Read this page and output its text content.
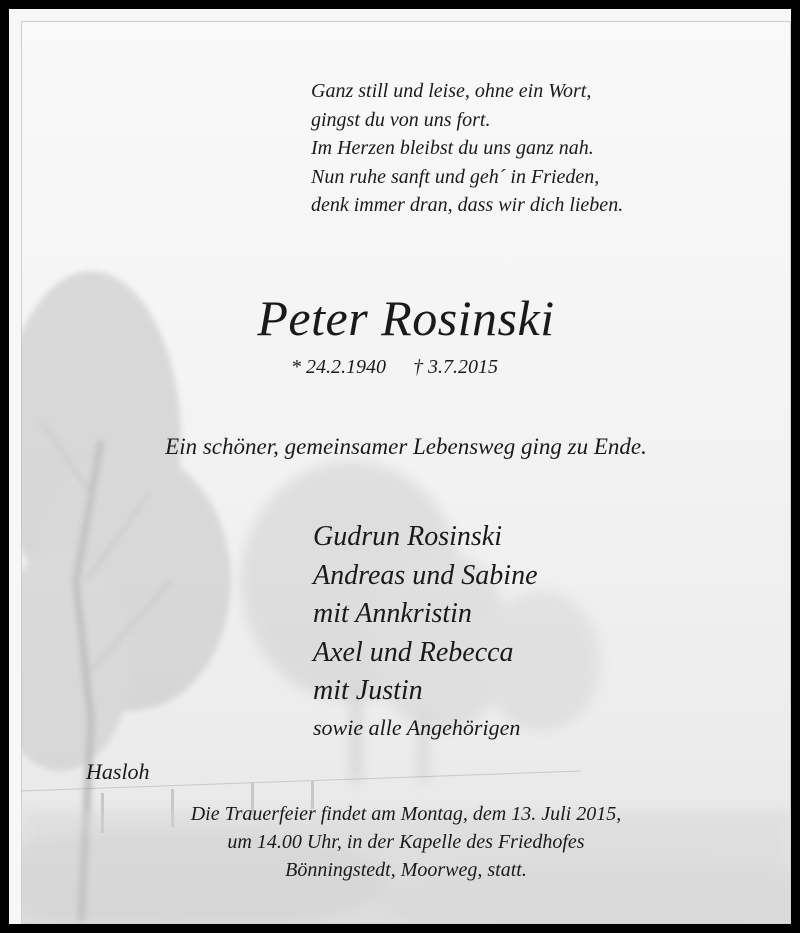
Ganz still und leise, ohne ein Wort,
gingst du von uns fort.
Im Herzen bleibst du uns ganz nah.
Nun ruhe sanft und geh´ in Frieden,
denk immer dran, dass wir dich lieben.
Peter Rosinski
* 24.2.1940 † 3.7.2015
Ein schöner, gemeinsamer Lebensweg ging zu Ende.
Gudrun Rosinski
Andreas und Sabine
mit Annkristin
Axel und Rebecca
mit Justin
sowie alle Angehörigen
Hasloh
Die Trauerfeier findet am Montag, dem 13. Juli 2015,
um 14.00 Uhr, in der Kapelle des Friedhofes
Bönningstedt, Moorweg, statt.
